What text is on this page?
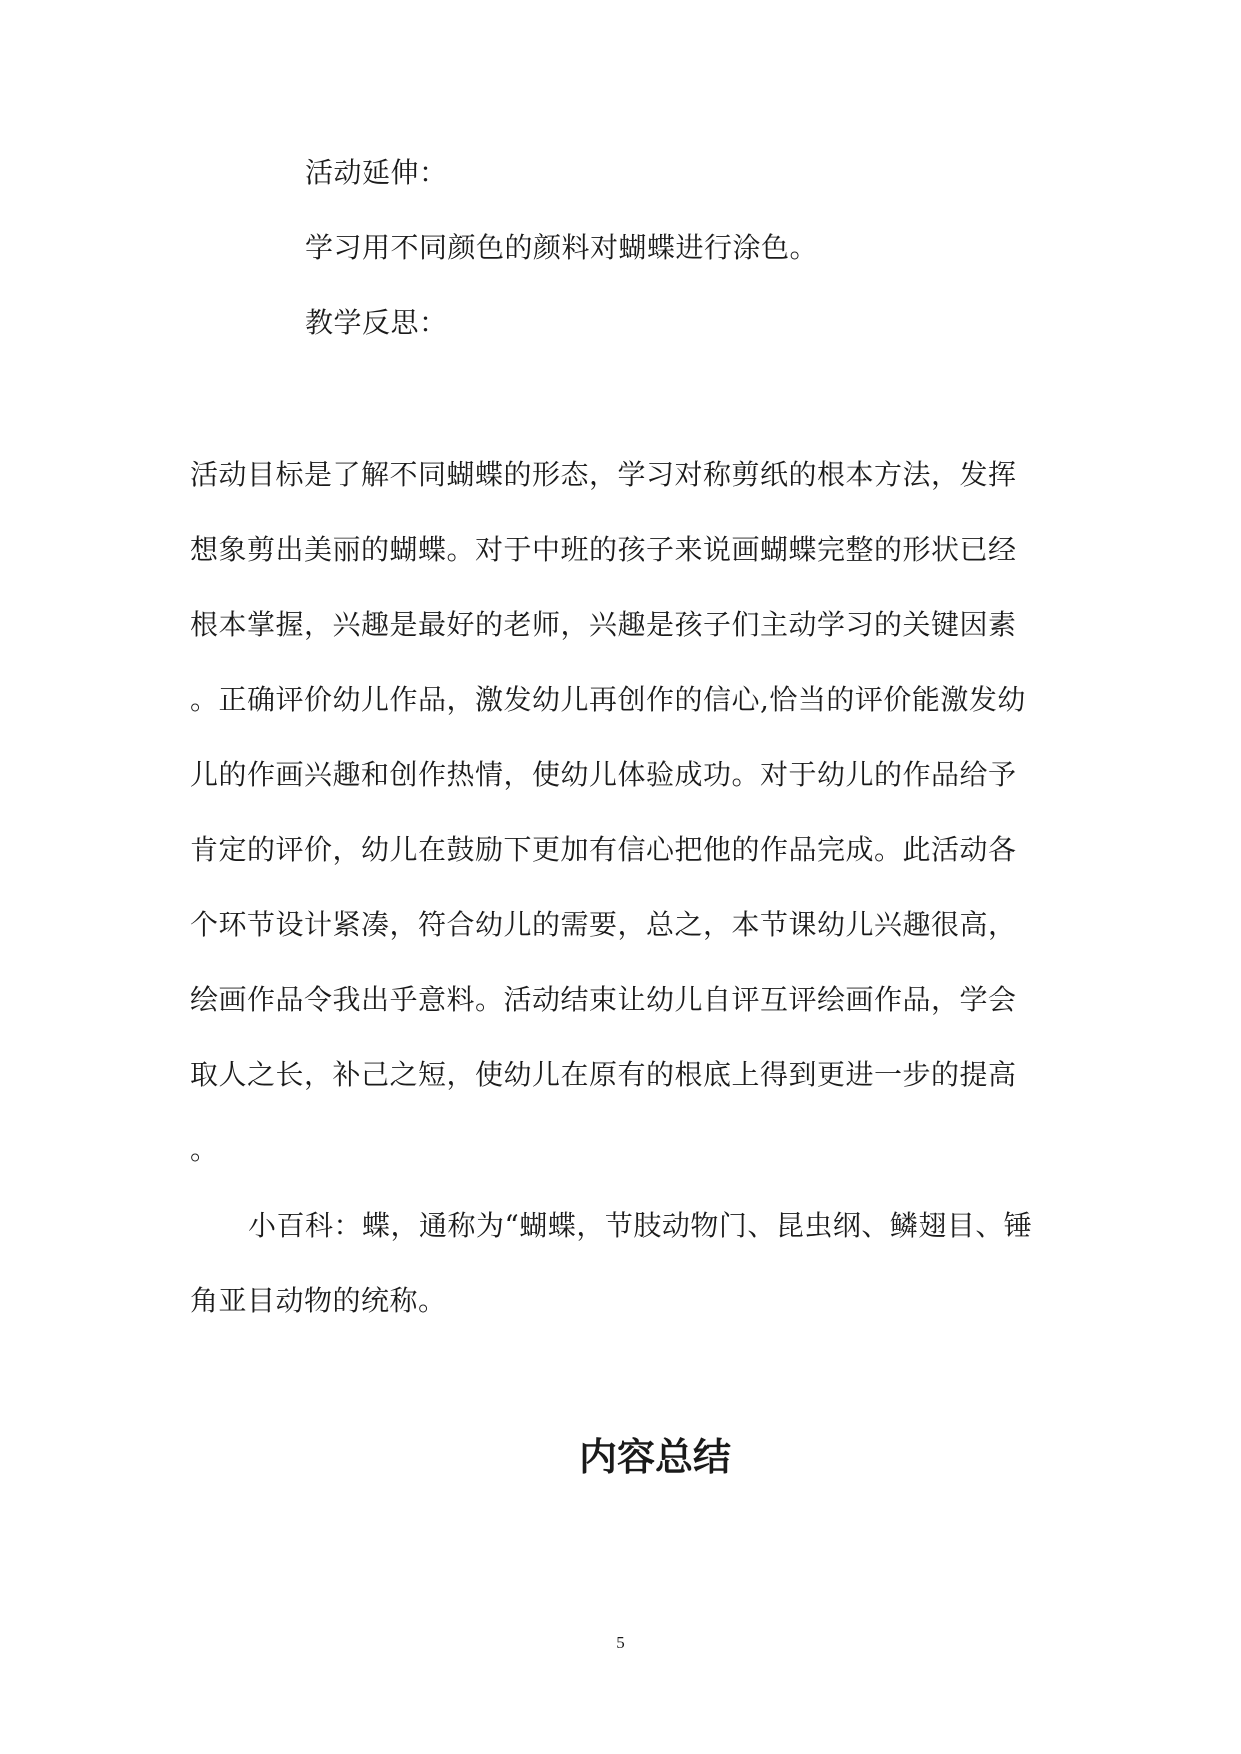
活动延伸：

学习用不同颜色的颜料对蝴蝶进行涂色。

教学反思：

活动目标是了解不同蝴蝶的形态，学习对称剪纸的根本方法，发挥

想象剪出美丽的蝴蝶。对于中班的孩子来说画蝴蝶完整的形状已经

根本掌握，兴趣是最好的老师，兴趣是孩子们主动学习的关键因素

。正确评价幼儿作品，激发幼儿再创作的信心,恰当的评价能激发幼

儿的作画兴趣和创作热情，使幼儿体验成功。对于幼儿的作品给予

肯定的评价，幼儿在鼓励下更加有信心把他的作品完成。此活动各

个环节设计紧凑，符合幼儿的需要，总之，本节课幼儿兴趣很高，

绘画作品令我出乎意料。活动结束让幼儿自评互评绘画作品，学会

取人之长，补己之短，使幼儿在原有的根底上得到更进一步的提高

。

小百科：蝶，通称为“蝴蝶，节肢动物门、昆虫纲、鳞翅目、锤

角亚目动物的统称。

内容总结
5
